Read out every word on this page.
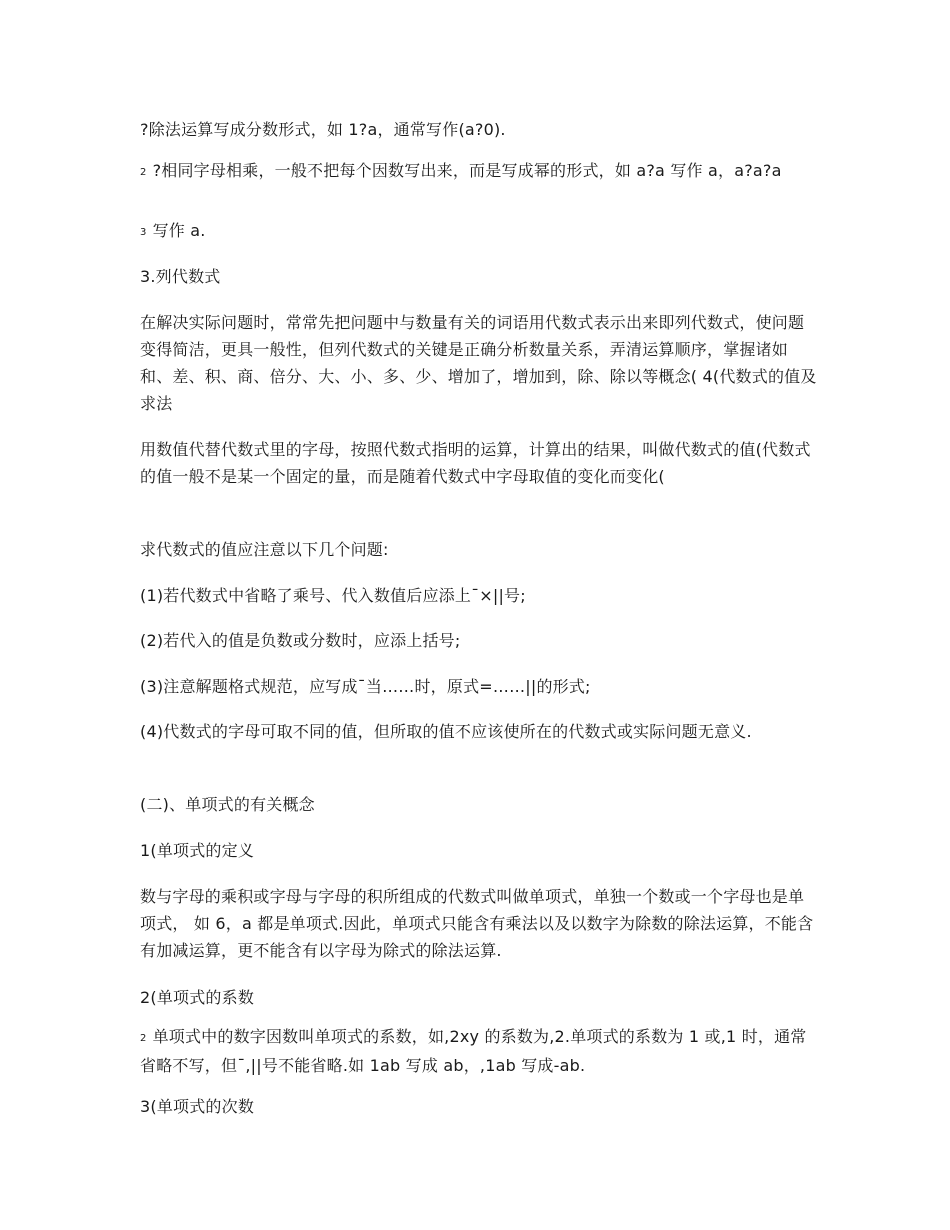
?除法运算写成分数形式，如 1?a，通常写作(a?0).
2 ?相同字母相乘，一般不把每个因数写出来，而是写成幂的形式，如 a?a 写作 a，a?a?a
3 写作 a.
3.列代数式
在解决实际问题时，常常先把问题中与数量有关的词语用代数式表示出来即列代数式，使问题变得简洁，更具一般性，但列代数式的关键是正确分析数量关系，弄清运算顺序，掌握诸如和、差、积、商、倍分、大、小、多、少、增加了，增加到，除、除以等概念( 4(代数式的值及求法
用数值代替代数式里的字母，按照代数式指明的运算，计算出的结果，叫做代数式的值(代数式的值一般不是某一个固定的量，而是随着代数式中字母取值的变化而变化(
求代数式的值应注意以下几个问题:
(1)若代数式中省略了乘号、代入数值后应添上¯×||号;
(2)若代入的值是负数或分数时，应添上括号;
(3)注意解题格式规范，应写成¯当……时，原式=……||的形式;
(4)代数式的字母可取不同的值，但所取的值不应该使所在的代数式或实际问题无意义.
(二)、单项式的有关概念
1(单项式的定义
数与字母的乘积或字母与字母的积所组成的代数式叫做单项式，单独一个数或一个字母也是单项式， 如 6，a 都是单项式.因此，单项式只能含有乘法以及以数字为除数的除法运算，不能含有加减运算，更不能含有以字母为除式的除法运算.
2(单项式的系数
2 单项式中的数字因数叫单项式的系数，如,2xy 的系数为,2.单项式的系数为 1 或,1 时，通常省略不写，但¯,||号不能省略.如 1ab 写成 ab，,1ab 写成-ab.
3(单项式的次数
